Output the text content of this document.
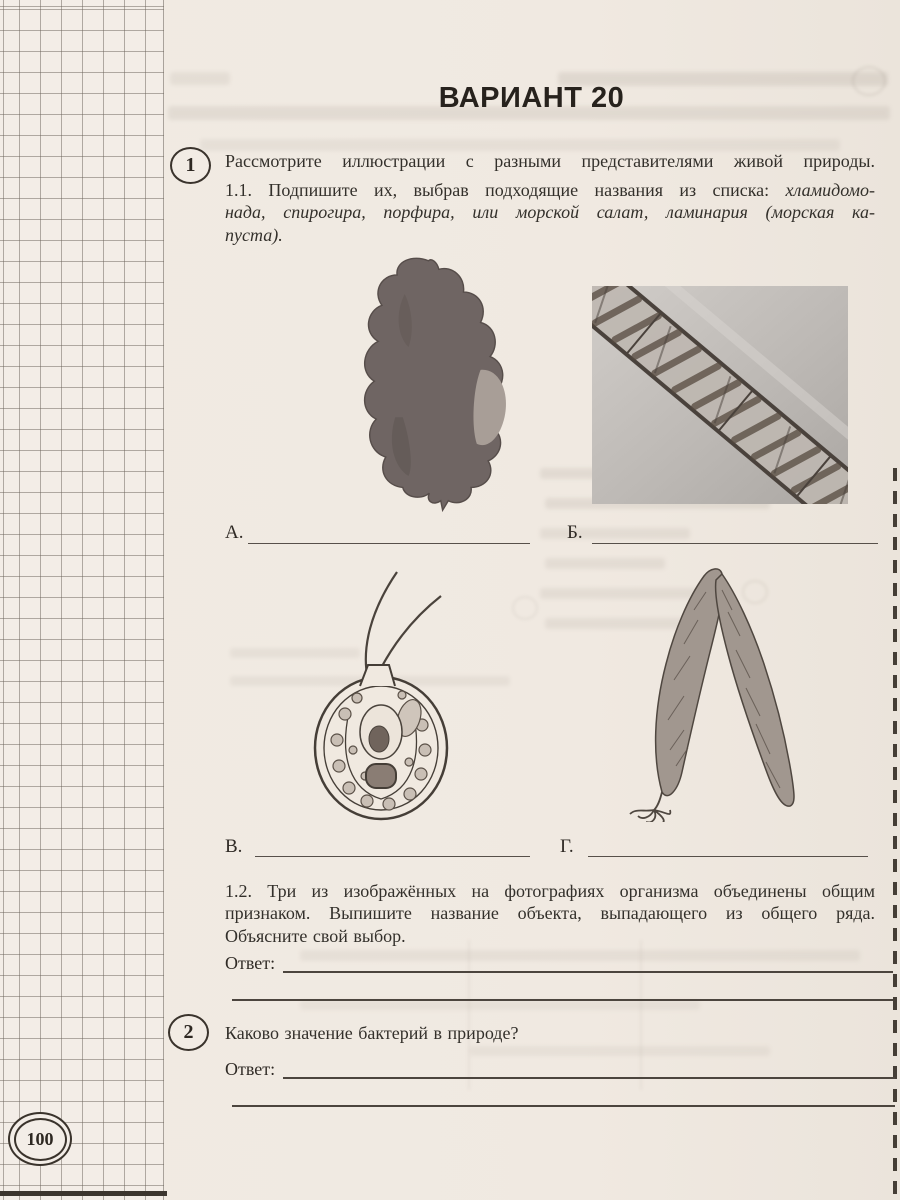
100
ВАРИАНТ 20
1	Рассмотрите иллюстрации с разными представителями живой природы.
1.1. Подпишите их, выбрав подходящие названия из списка: хламидомо-
нада, спирогира, порфира, или морской салат, ламинария (морская ка-
пуста).
А.	Б.
В.	Г.
1.2. Три из изображённых на фотографиях организма объединены общим
признаком. Выпишите название объекта, выпадающего из общего ряда.
Объясните свой выбор.
Ответ:
2	Каково значение бактерий в природе?
Ответ:
